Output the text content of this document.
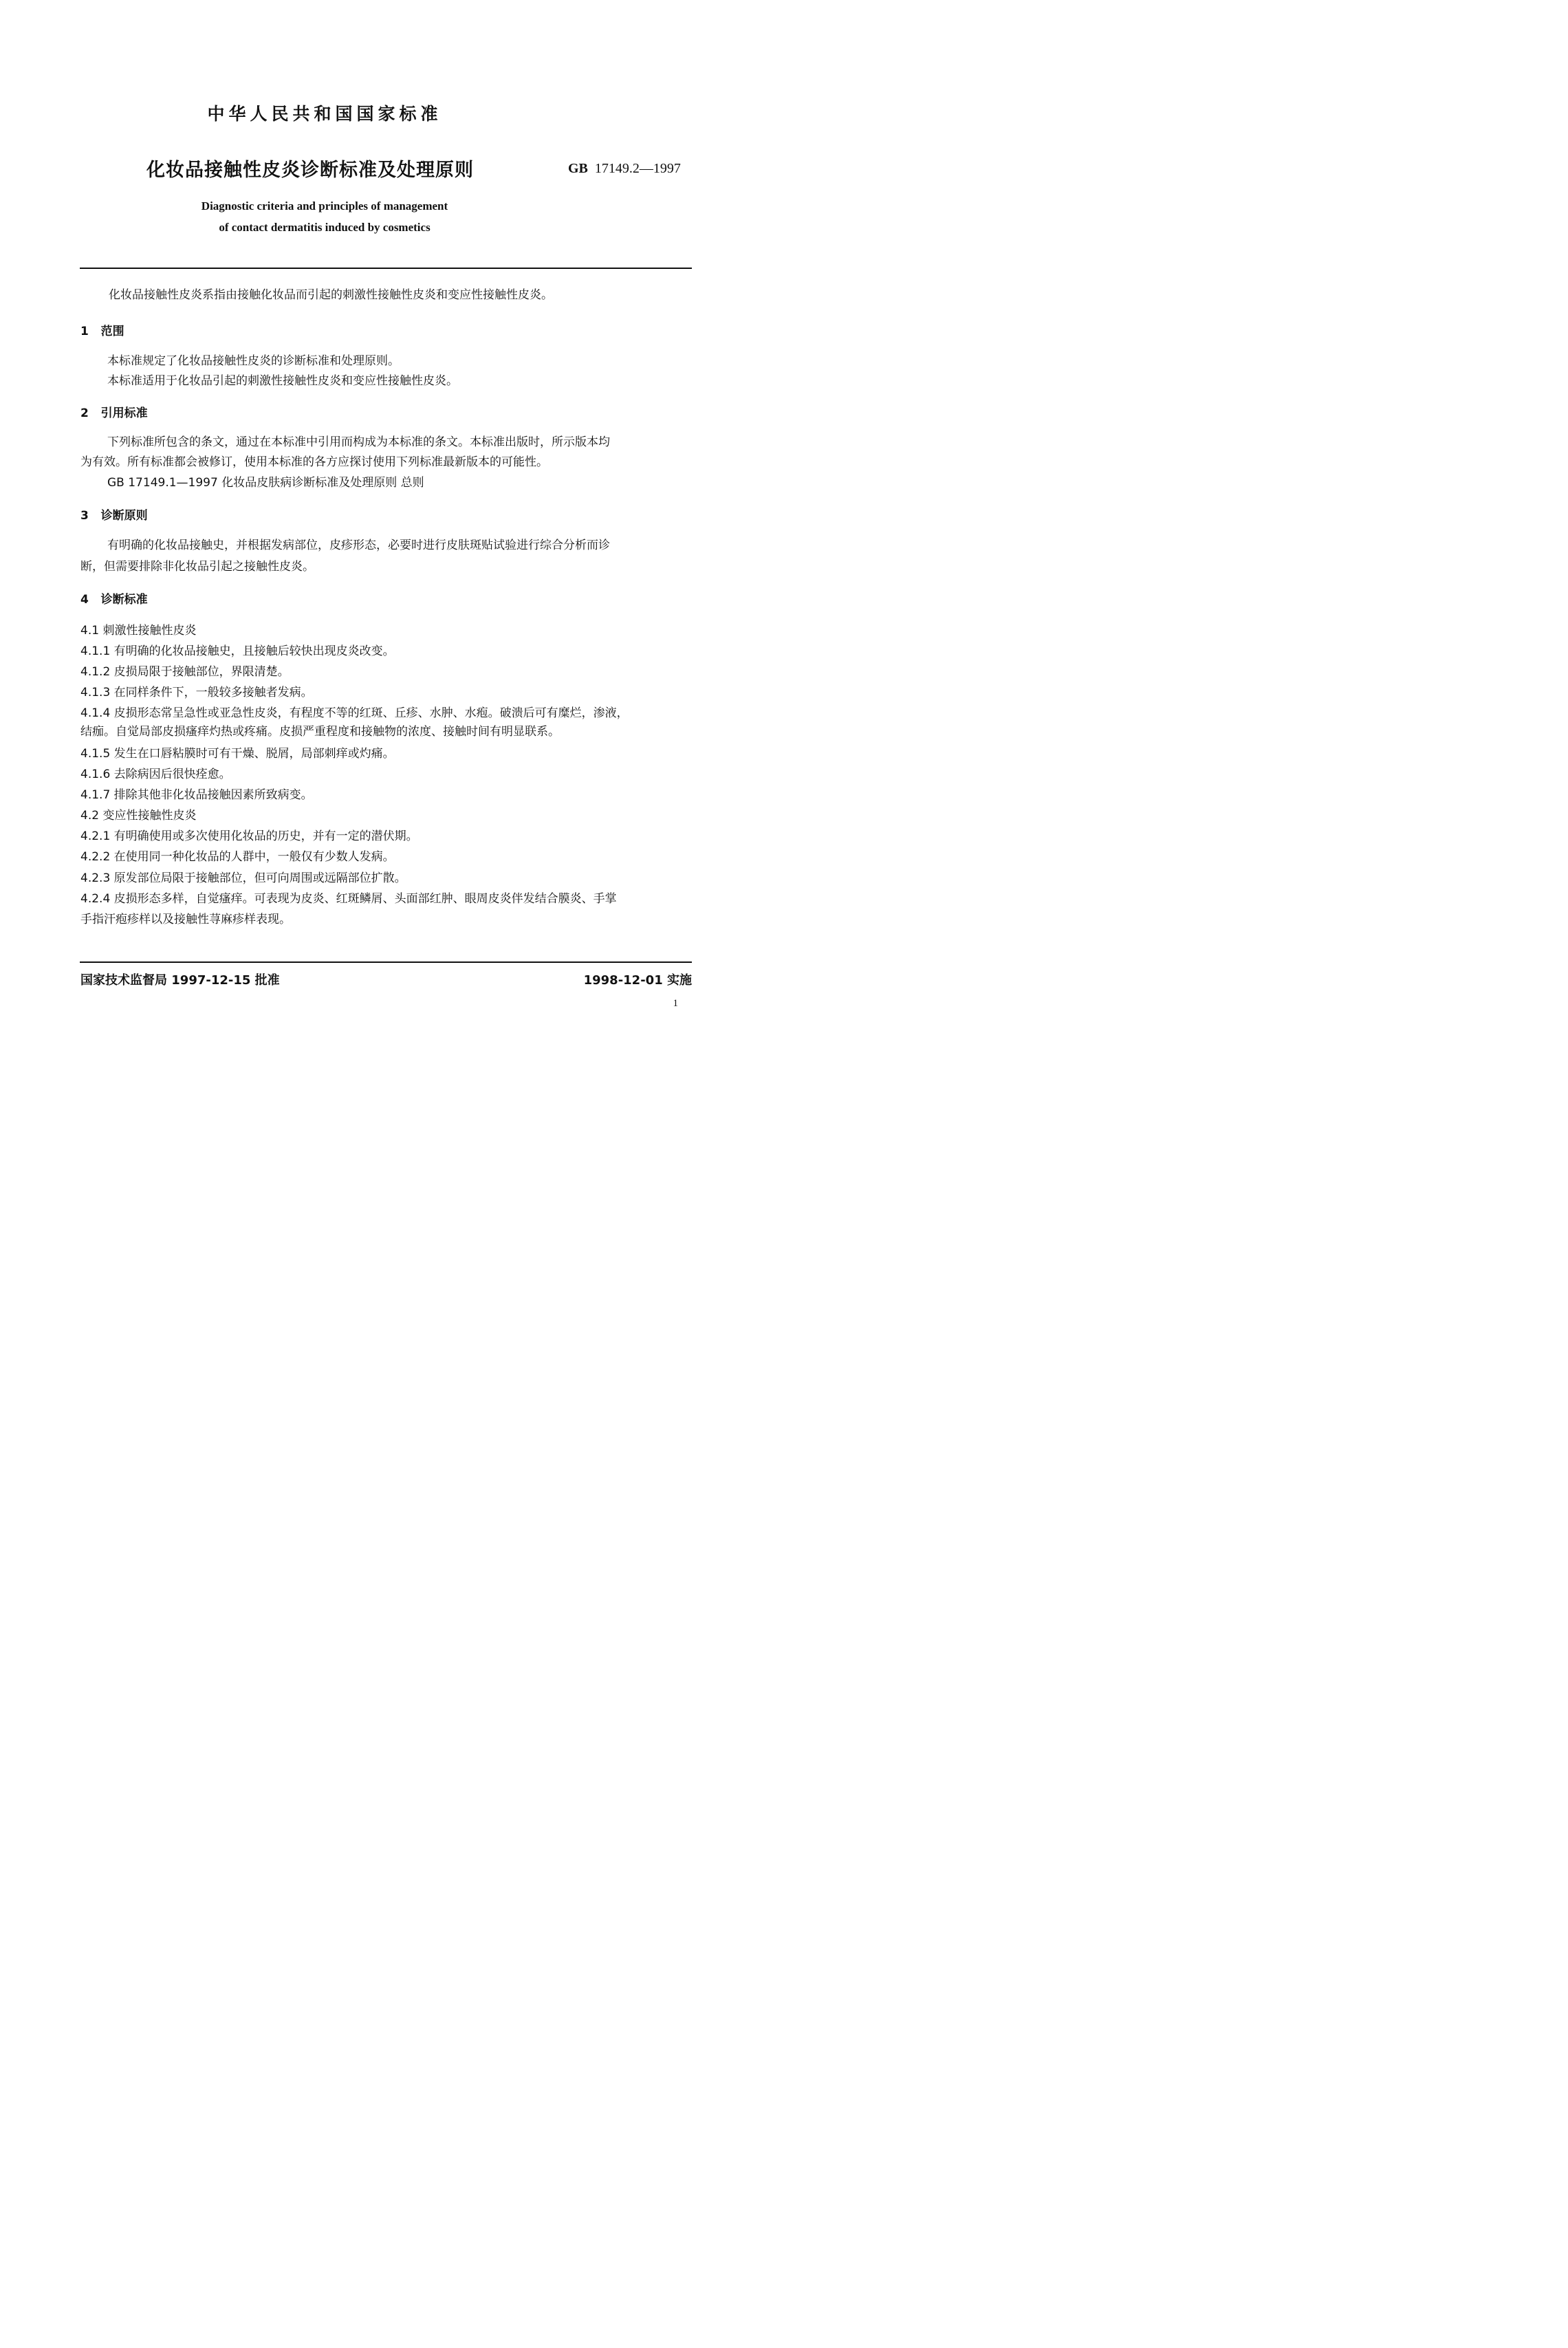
中华人民共和国国家标准
化妆品接触性皮炎诊断标准及处理原则	GB 17149.2—1997
Diagnostic criteria and principles of management
of contact dermatitis induced by cosmetics
化妆品接触性皮炎系指由接触化妆品而引起的刺激性接触性皮炎和变应性接触性皮炎。
1 范围
本标准规定了化妆品接触性皮炎的诊断标准和处理原则。
本标准适用于化妆品引起的刺激性接触性皮炎和变应性接触性皮炎。
2 引用标准
下列标准所包含的条文，通过在本标准中引用而构成为本标准的条文。本标准出版时，所示版本均
为有效。所有标准都会被修订，使用本标准的各方应探讨使用下列标准最新版本的可能性。
GB 17149.1—1997 化妆品皮肤病诊断标准及处理原则 总则
3 诊断原则
有明确的化妆品接触史，并根据发病部位，皮疹形态，必要时进行皮肤斑贴试验进行综合分析而诊
断，但需要排除非化妆品引起之接触性皮炎。
4 诊断标准
4.1 刺激性接触性皮炎
4.1.1 有明确的化妆品接触史，且接触后较快出现皮炎改变。
4.1.2 皮损局限于接触部位，界限清楚。
4.1.3 在同样条件下，一般较多接触者发病。
4.1.4 皮损形态常呈急性或亚急性皮炎，有程度不等的红斑、丘疹、水肿、水疱。破溃后可有糜烂，渗液，
结痂。自觉局部皮损瘙痒灼热或疼痛。皮损严重程度和接触物的浓度、接触时间有明显联系。
4.1.5 发生在口唇粘膜时可有干燥、脱屑，局部刺痒或灼痛。
4.1.6 去除病因后很快痊愈。
4.1.7 排除其他非化妆品接触因素所致病变。
4.2 变应性接触性皮炎
4.2.1 有明确使用或多次使用化妆品的历史，并有一定的潜伏期。
4.2.2 在使用同一种化妆品的人群中，一般仅有少数人发病。
4.2.3 原发部位局限于接触部位，但可向周围或远隔部位扩散。
4.2.4 皮损形态多样，自觉瘙痒。可表现为皮炎、红斑鳞屑、头面部红肿、眼周皮炎伴发结合膜炎、手掌
手指汗疱疹样以及接触性荨麻疹样表现。
国家技术监督局 1997-12-15 批准	1998-12-01 实施
1
